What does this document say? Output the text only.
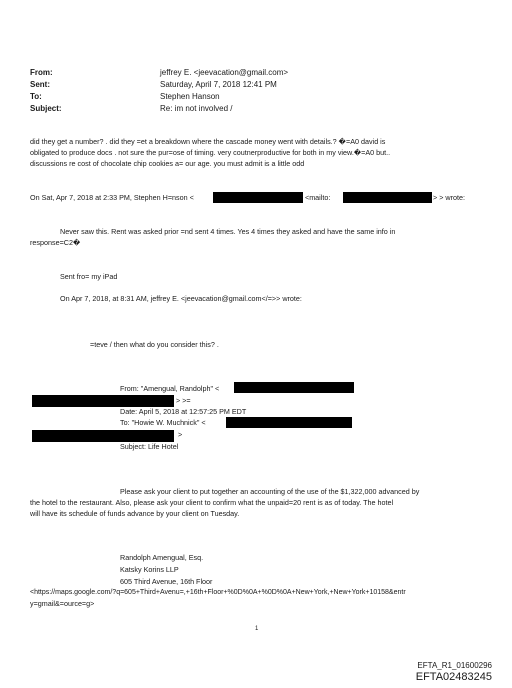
From:	jeffrey E. <jeevacation@gmail.com>
Sent:	Saturday, April 7, 2018 12:41 PM
To:	Stephen Hanson
Subject:	Re: im not involved /
did they get a number? . did they =et a breakdown where the cascade money went with details.? �=A0 david is
obligated to produce docs . not sure the pur=ose of timing. very coutnerproductive for both in my view.�=A0 but..
discussions re cost of chocolate chip cookies a= our age. you must admit is a little odd
On Sat, Apr 7, 2018 at 2:33 PM, Stephen H=nson <	<mailto:	> > wrote:
Never saw this. Rent was asked prior =nd sent 4 times. Yes 4 times they asked and have the same info in
response=C2�
Sent fro= my iPad
On Apr 7, 2018, at 8:31 AM, jeffrey E. <jeevacation@gmail.com</=>> wrote:
=teve / then what do you consider this? .
From: "Amengual, Randolph" <
> >=
Date: April 5, 2018 at 12:57:25 PM EDT
To: "Howie W. Muchnick" <
>
Subject: Life Hotel
Please ask your client to put together an accounting of the use of the $1,322,000 advanced by
the hotel to the restaurant. Also, please ask your client to confirm what the unpaid=20 rent is as of today. The hotel
will have its schedule of funds advance by your client on Tuesday.
Randolph Amengual, Esq.
Katsky Korins LLP
605 Third Avenue, 16th Floor
<https://maps.google.com/?q=605+Third+Avenu=,+16th+Floor+%0D%0A+%0D%0A+New+York,+New+York+10158&entr
y=gmail&=ource=g>
1
EFTA_R1_01600296
EFTA02483245
